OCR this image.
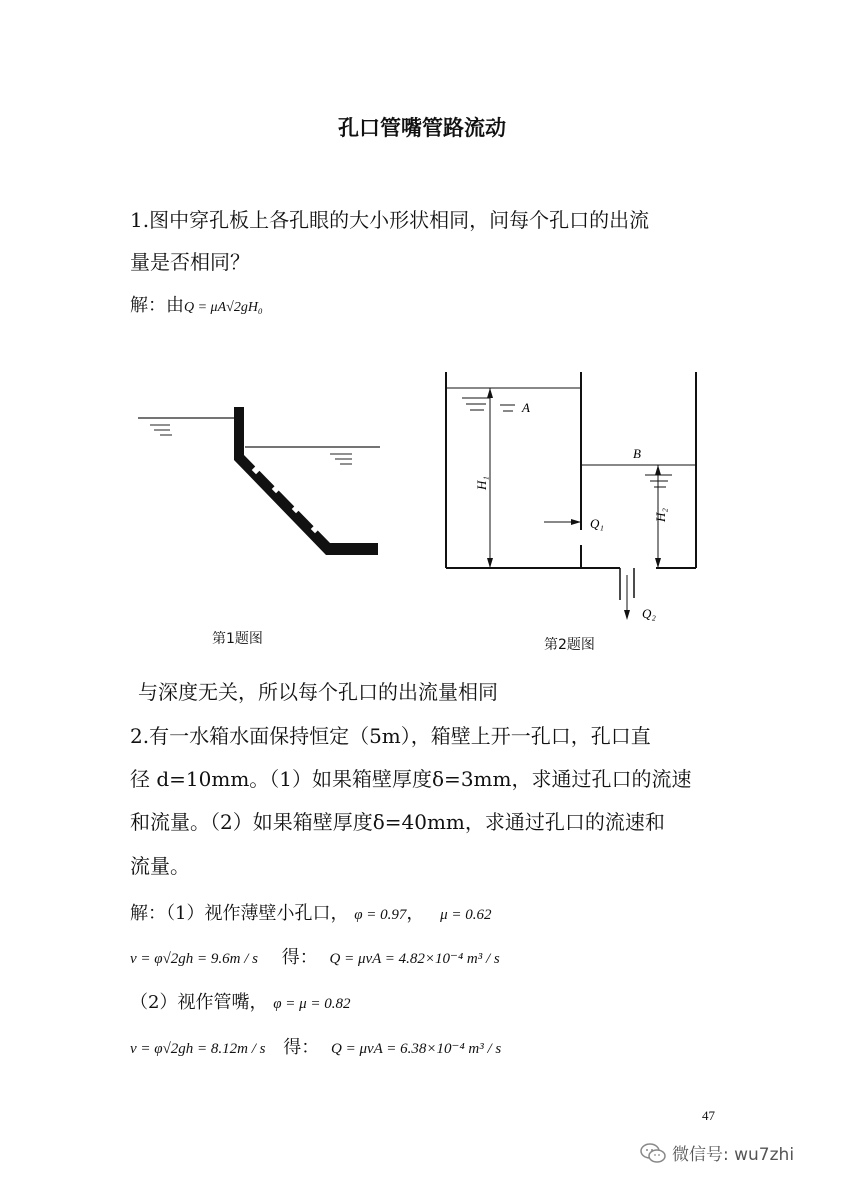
孔口管嘴管路流动
1.图中穿孔板上各孔眼的大小形状相同，问每个孔口的出流
量是否相同？
解：由Q = μA√2gH₀
第1题图
A
B
H₁
H₂
Q₁
Q₂
第2题图
与深度无关，所以每个孔口的出流量相同
2.有一水箱水面保持恒定（5m），箱壁上开一孔口，孔口直
径 d=10mm。（1）如果箱壁厚度δ=3mm，求通过孔口的流速
和流量。（2）如果箱壁厚度δ=40mm，求通过孔口的流速和
流量。
解：（1）视作薄壁小孔口， φ = 0.97， μ = 0.62
v = φ√2gh = 9.6m / s 得： Q = μvA = 4.82×10⁻⁴ m³ / s
（2）视作管嘴， φ = μ = 0.82
v = φ√2gh = 8.12m / s 得： Q = μvA = 6.38×10⁻⁴ m³ / s
47
微信号: wu7zhi
